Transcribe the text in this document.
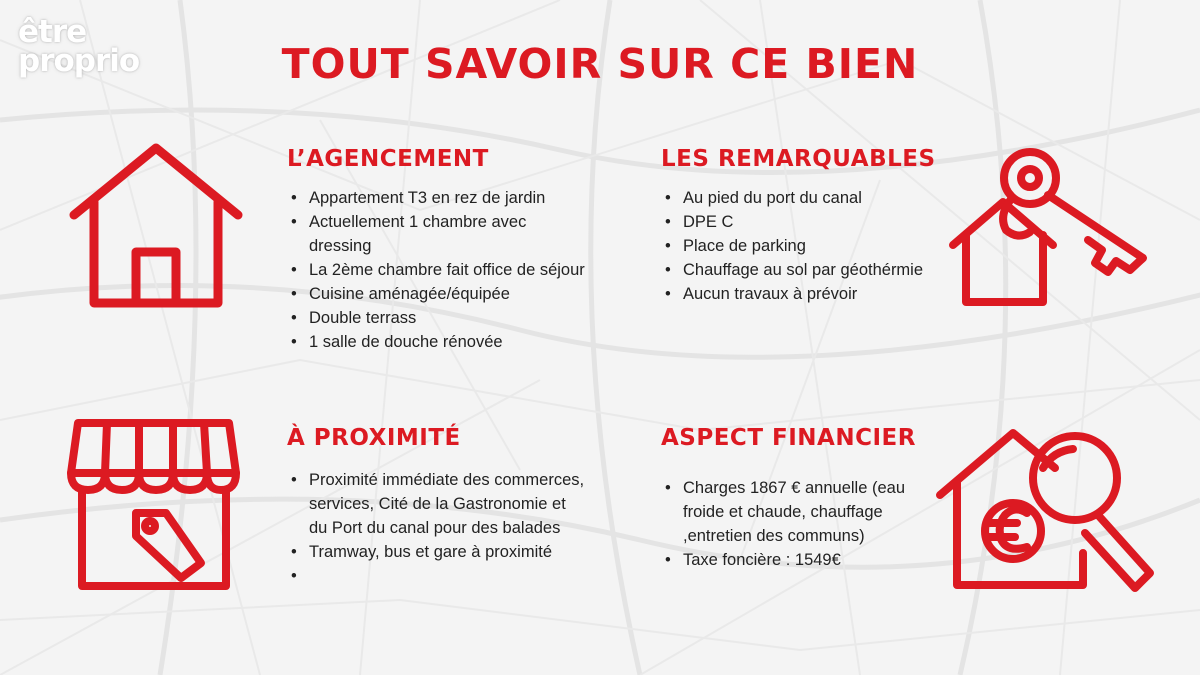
être
proprio	TOUT SAVOIR SUR CE BIEN
L’AGENCEMENT
• Appartement T3 en rez de jardin
• Actuellement 1 chambre avec dressing
• La 2ème chambre fait office de séjour
• Cuisine aménagée/équipée
• Double terrass
• 1 salle de douche rénovée
LES REMARQUABLES
• Au pied du port du canal
• DPE C
• Place de parking
• Chauffage au sol par géothérmie
• Aucun travaux à prévoir
À PROXIMITÉ
• Proximité immédiate des commerces, services, Cité de la Gastronomie et du Port du canal pour des balades
• Tramway, bus et gare à proximité
•
ASPECT FINANCIER
• Charges 1867 € annuelle (eau froide et chaude, chauffage ,entretien des communs)
• Taxe foncière : 1549€
